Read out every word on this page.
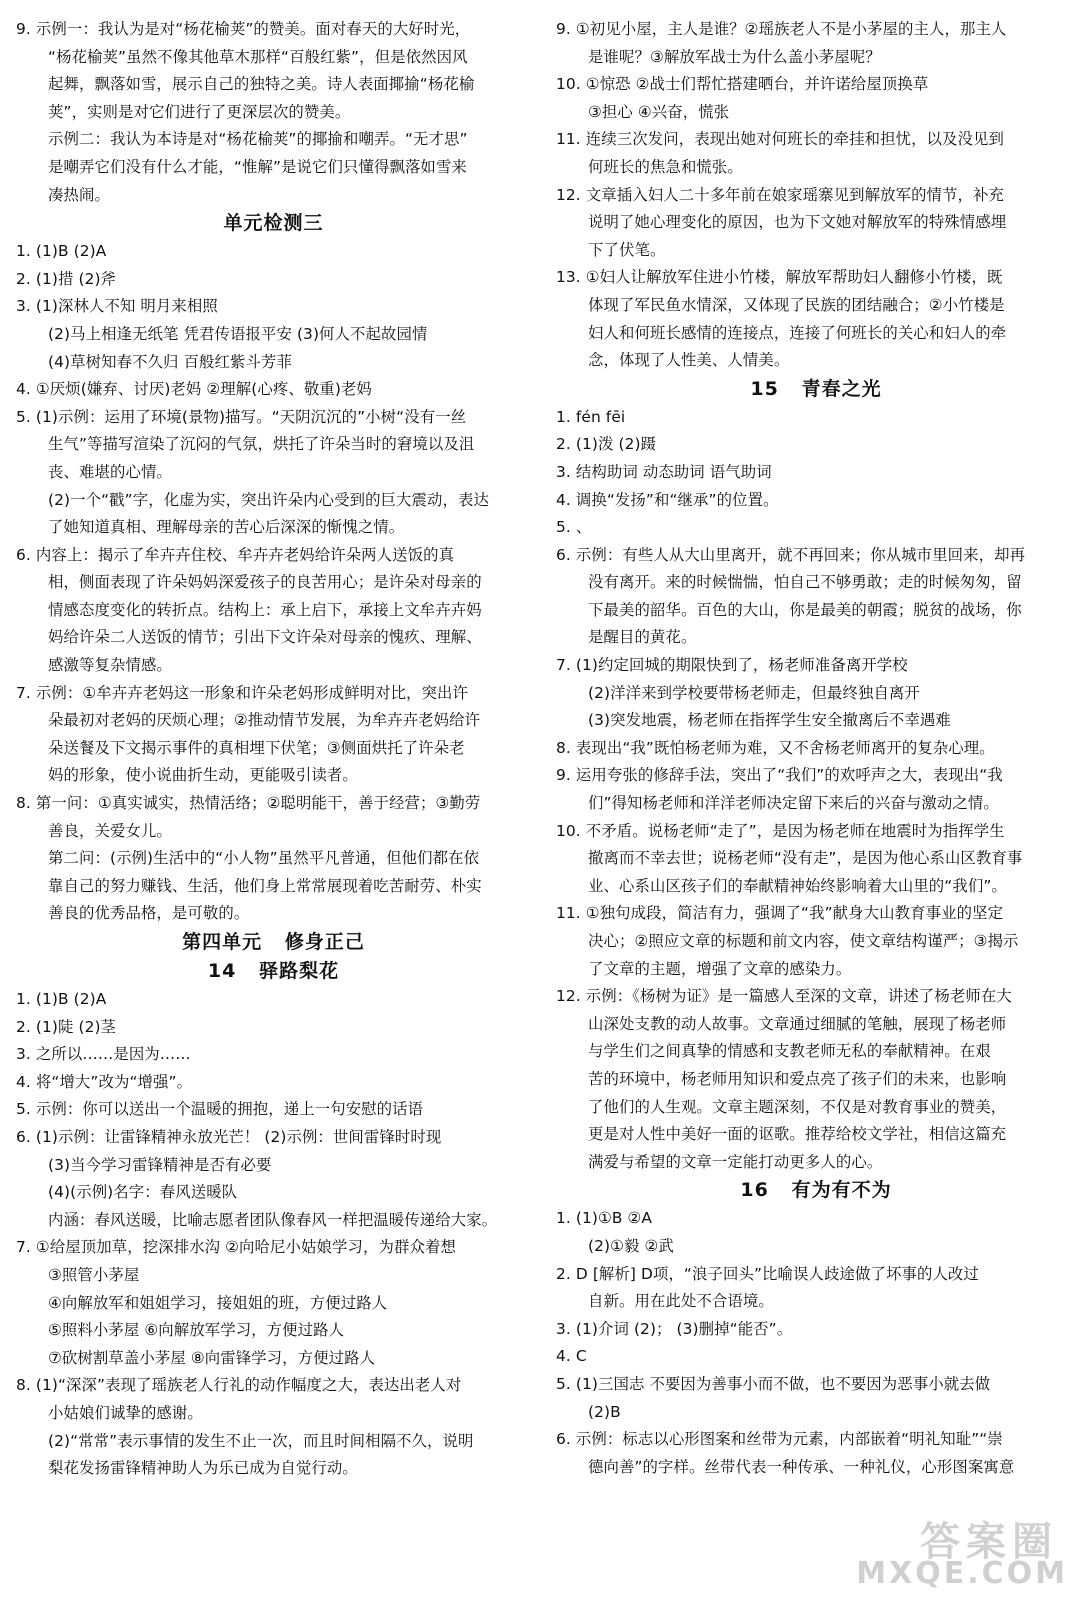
9. 示例一：我认为是对“杨花榆荚”的赞美。面对春天的大好时光，
“杨花榆荚”虽然不像其他草木那样“百般红紫”，但是依然因风
起舞，飘落如雪，展示自己的独特之美。诗人表面揶揄“杨花榆
荚”，实则是对它们进行了更深层次的赞美。
示例二：我认为本诗是对“杨花榆荚”的揶揄和嘲弄。“无才思”
是嘲弄它们没有什么才能，“惟解”是说它们只懂得飘落如雪来
凑热闹。
单元检测三
1. (1)B (2)A
2. (1)措 (2)斧
3. (1)深林人不知 明月来相照
(2)马上相逢无纸笔 凭君传语报平安 (3)何人不起故园情
(4)草树知春不久归 百般红紫斗芳菲
4. ①厌烦(嫌弃、讨厌)老妈 ②理解(心疼、敬重)老妈
5. (1)示例：运用了环境(景物)描写。“天阴沉沉的”小树“没有一丝
生气”等描写渲染了沉闷的气氛，烘托了许朵当时的窘境以及沮
丧、难堪的心情。
(2)一个“戳”字，化虚为实，突出许朵内心受到的巨大震动，表达
了她知道真相、理解母亲的苦心后深深的惭愧之情。
6. 内容上：揭示了牟卉卉住校、牟卉卉老妈给许朵两人送饭的真
相，侧面表现了许朵妈妈深爱孩子的良苦用心；是许朵对母亲的
情感态度变化的转折点。结构上：承上启下，承接上文牟卉卉妈
妈给许朵二人送饭的情节；引出下文许朵对母亲的愧疚、理解、
感激等复杂情感。
7. 示例：①牟卉卉老妈这一形象和许朵老妈形成鲜明对比，突出许
朵最初对老妈的厌烦心理；②推动情节发展，为牟卉卉老妈给许
朵送餐及下文揭示事件的真相埋下伏笔；③侧面烘托了许朵老
妈的形象，使小说曲折生动，更能吸引读者。
8. 第一问：①真实诚实，热情活络；②聪明能干，善于经营；③勤劳
善良，关爱女儿。
第二问：(示例)生活中的“小人物”虽然平凡普通，但他们都在依
靠自己的努力赚钱、生活，他们身上常常展现着吃苦耐劳、朴实
善良的优秀品格，是可敬的。
第四单元   修身正己
14   驿路梨花
1. (1)B (2)A
2. (1)陡 (2)茎
3. 之所以……是因为……
4. 将“增大”改为“增强”。
5. 示例：你可以送出一个温暖的拥抱，递上一句安慰的话语
6. (1)示例：让雷锋精神永放光芒！ (2)示例：世间雷锋时时现
(3)当今学习雷锋精神是否有必要
(4)(示例)名字：春风送暖队
内涵：春风送暖，比喻志愿者团队像春风一样把温暖传递给大家。
7. ①给屋顶加草，挖深排水沟 ②向哈尼小姑娘学习，为群众着想
③照管小茅屋
④向解放军和姐姐学习，接姐姐的班，方便过路人
⑤照料小茅屋 ⑥向解放军学习，方便过路人
⑦砍树割草盖小茅屋 ⑧向雷锋学习，方便过路人
8. (1)“深深”表现了瑶族老人行礼的动作幅度之大，表达出老人对
小姑娘们诚挚的感谢。
(2)“常常”表示事情的发生不止一次，而且时间相隔不久，说明
梨花发扬雷锋精神助人为乐已成为自觉行动。
9. ①初见小屋，主人是谁？②瑶族老人不是小茅屋的主人，那主人
是谁呢？③解放军战士为什么盖小茅屋呢？
10. ①惊恐 ②战士们帮忙搭建晒台，并许诺给屋顶换草
③担心 ④兴奋，慌张
11. 连续三次发问，表现出她对何班长的牵挂和担忧，以及没见到
何班长的焦急和慌张。
12. 文章插入妇人二十多年前在娘家瑶寨见到解放军的情节，补充
说明了她心理变化的原因，也为下文她对解放军的特殊情感埋
下了伏笔。
13. ①妇人让解放军住进小竹楼，解放军帮助妇人翻修小竹楼，既
体现了军民鱼水情深，又体现了民族的团结融合；②小竹楼是
妇人和何班长感情的连接点，连接了何班长的关心和妇人的牵
念，体现了人性美、人情美。
15   青春之光
1. fén fēi
2. (1)泼 (2)蹑
3. 结构助词 动态助词 语气助词
4. 调换“发扬”和“继承”的位置。
5. 、
6. 示例：有些人从大山里离开，就不再回来；你从城市里回来，却再
没有离开。来的时候惴惴，怕自己不够勇敢；走的时候匆匆，留
下最美的韶华。百色的大山，你是最美的朝霞；脱贫的战场，你
是醒目的黄花。
7. (1)约定回城的期限快到了，杨老师准备离开学校
(2)洋洋来到学校要带杨老师走，但最终独自离开
(3)突发地震，杨老师在指挥学生安全撤离后不幸遇难
8. 表现出“我”既怕杨老师为难，又不舍杨老师离开的复杂心理。
9. 运用夸张的修辞手法，突出了“我们”的欢呼声之大，表现出“我
们”得知杨老师和洋洋老师决定留下来后的兴奋与激动之情。
10. 不矛盾。说杨老师“走了”，是因为杨老师在地震时为指挥学生
撤离而不幸去世；说杨老师“没有走”，是因为他心系山区教育事
业、心系山区孩子们的奉献精神始终影响着大山里的“我们”。
11. ①独句成段，简洁有力，强调了“我”献身大山教育事业的坚定
决心；②照应文章的标题和前文内容，使文章结构谨严；③揭示
了文章的主题，增强了文章的感染力。
12. 示例：《杨树为证》是一篇感人至深的文章，讲述了杨老师在大
山深处支教的动人故事。文章通过细腻的笔触，展现了杨老师
与学生们之间真挚的情感和支教老师无私的奉献精神。在艰
苦的环境中，杨老师用知识和爱点亮了孩子们的未来，也影响
了他们的人生观。文章主题深刻，不仅是对教育事业的赞美，
更是对人性中美好一面的讴歌。推荐给校文学社，相信这篇充
满爱与希望的文章一定能打动更多人的心。
16   有为有不为
1. (1)①B ②A
(2)①毅 ②武
2. D [解析] D项，“浪子回头”比喻误人歧途做了坏事的人改过
自新。用在此处不合语境。
3. (1)介词 (2)； (3)删掉“能否”。
4. C
5. (1)三国志 不要因为善事小而不做，也不要因为恶事小就去做
(2)B
6. 示例：标志以心形图案和丝带为元素，内部嵌着“明礼知耻”“崇
德向善”的字样。丝带代表一种传承、一种礼仪，心形图案寓意
答案圈
MXQE.COM
